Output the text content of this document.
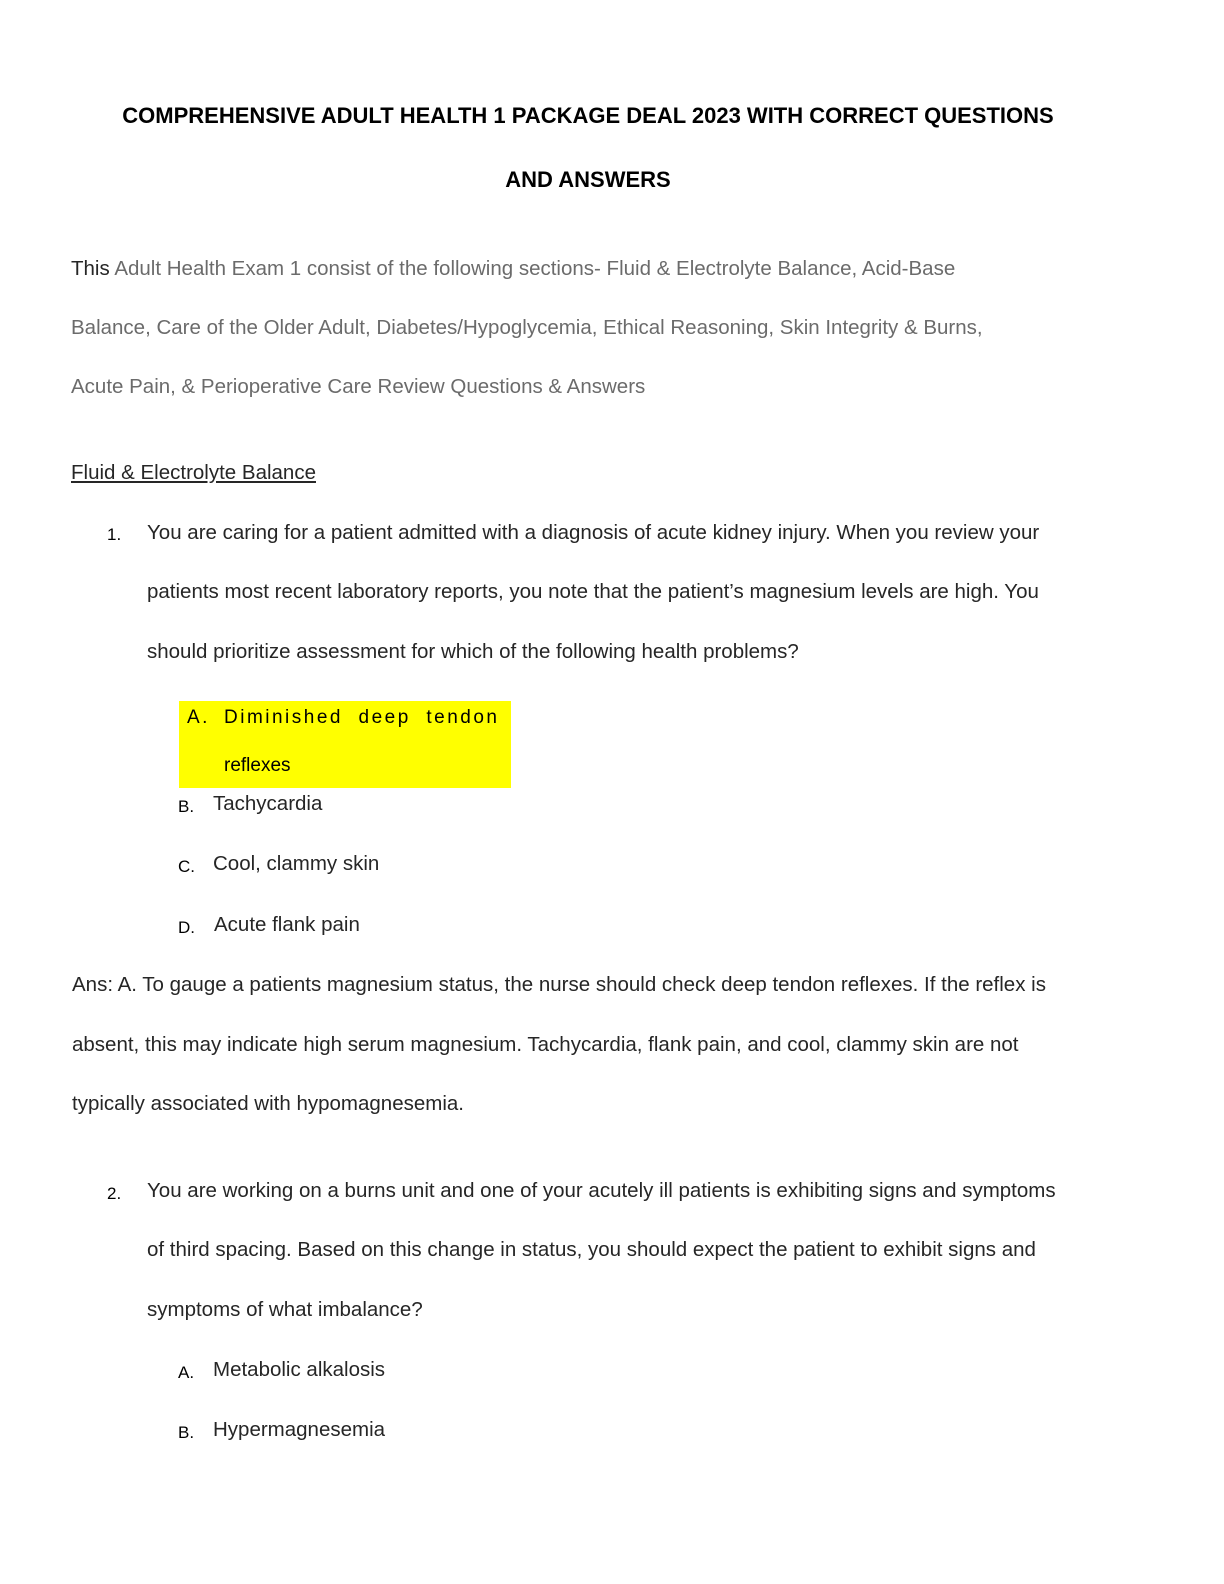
COMPREHENSIVE ADULT HEALTH 1 PACKAGE DEAL 2023 WITH CORRECT QUESTIONS
AND ANSWERS
This Adult Health Exam 1 consist of the following sections- Fluid & Electrolyte Balance, Acid-Base
Balance, Care of the Older Adult, Diabetes/Hypoglycemia, Ethical Reasoning, Skin Integrity & Burns,
Acute Pain, & Perioperative Care Review Questions & Answers
Fluid & Electrolyte Balance
1. You are caring for a patient admitted with a diagnosis of acute kidney injury. When you review your
patients most recent laboratory reports, you note that the patient’s magnesium levels are high. You
should prioritize assessment for which of the following health problems?
A. Diminished  deep  tendon
reflexes
B. Tachycardia
C. Cool, clammy skin
D. Acute flank pain
Ans: A. To gauge a patients magnesium status, the nurse should check deep tendon reflexes. If the reflex is
absent, this may indicate high serum magnesium. Tachycardia, flank pain, and cool, clammy skin are not
typically associated with hypomagnesemia.
2. You are working on a burns unit and one of your acutely ill patients is exhibiting signs and symptoms
of third spacing. Based on this change in status, you should expect the patient to exhibit signs and
symptoms of what imbalance?
A. Metabolic alkalosis
B. Hypermagnesemia
